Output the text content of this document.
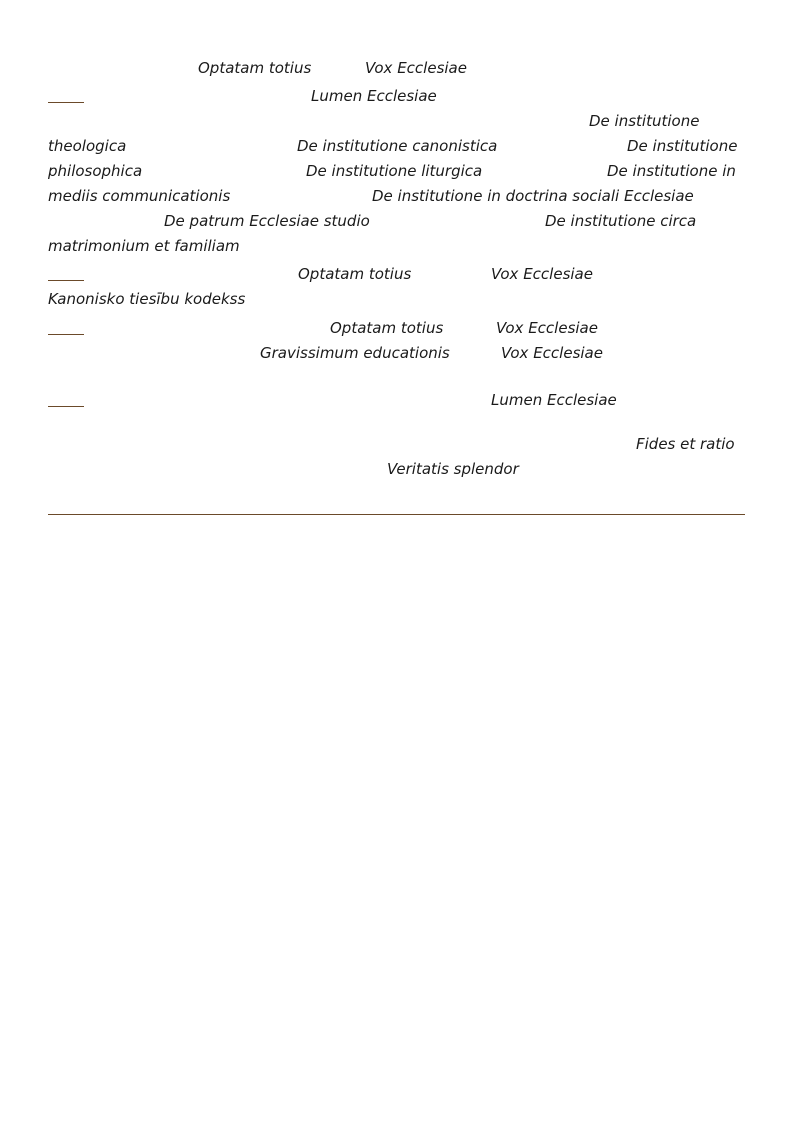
Optatam totius	Vox Ecclesiae
Lumen Ecclesiae
De institutione
theologica	De institutione canonistica	De institutione
philosophica	De institutione liturgica	De institutione in
mediis communicationis	De institutione in doctrina sociali Ecclesiae
De patrum Ecclesiae studio	De institutione circa
matrimonium et familiam
Optatam totius	Vox Ecclesiae
Kanonisko tiesību kodekss
Optatam totius	Vox Ecclesiae
Gravissimum educationis	Vox Ecclesiae
Lumen Ecclesiae
Fides et ratio
Veritatis splendor
